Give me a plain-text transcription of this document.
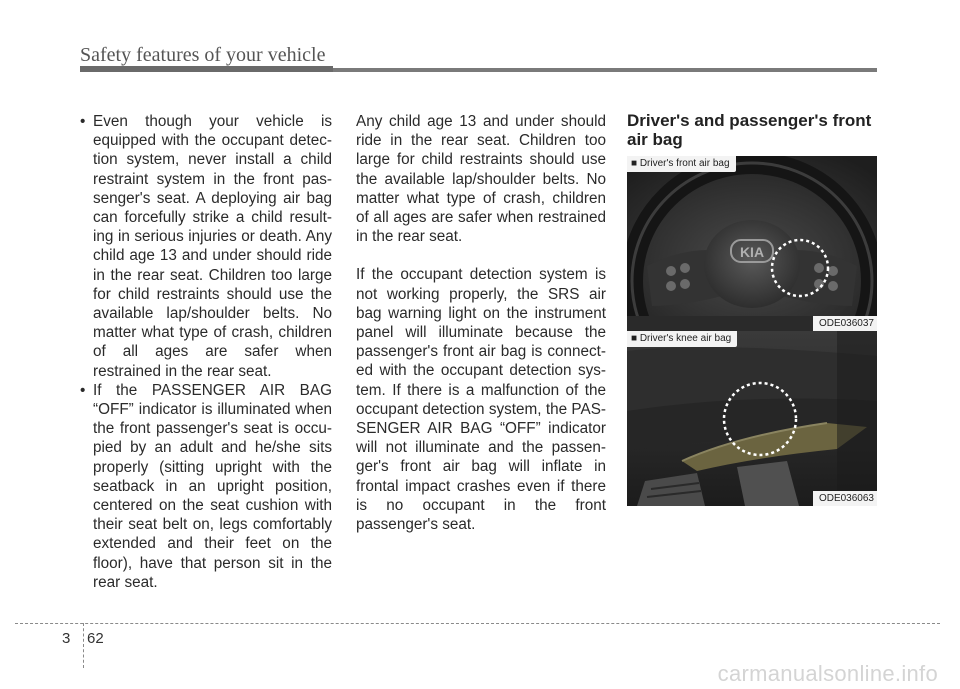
Safety features of your vehicle
• Even though your vehicle is equipped with the occupant detec-tion system, never install a child restraint system in the front pas-senger's seat. A deploying air bag can forcefully strike a child result-ing in serious injuries or death. Any child age 13 and under should ride in the rear seat. Children too large for child restraints should use the available lap/shoulder belts. No matter what type of crash, children of all ages are safer when restrained in the rear seat.
• If the PASSENGER AIR BAG “OFF” indicator is illuminated when the front passenger's seat is occu-pied by an adult and he/she sits properly (sitting upright with the seatback in an upright position, centered on the seat cushion with their seat belt on, legs comfortably extended and their feet on the floor), have that person sit in the rear seat.

Any child age 13 and under should ride in the rear seat. Children too large for child restraints should use the available lap/shoulder belts. No matter what type of crash, children of all ages are safer when restrained in the rear seat.

If the occupant detection system is not working properly, the SRS air bag warning light on the instrument panel will illuminate because the passenger's front air bag is connect-ed with the occupant detection sys-tem. If there is a malfunction of the occupant detection system, the PAS-SENGER AIR BAG “OFF” indicator will not illuminate and the passen-ger's front air bag will inflate in frontal impact crashes even if there is no occupant in the front passenger's seat.

Driver's and passenger's front air bag
KIA
■ Driver's front air bag
ODE036037
■ Driver's knee air bag
ODE036063
3 62
carmanualsonline.info
